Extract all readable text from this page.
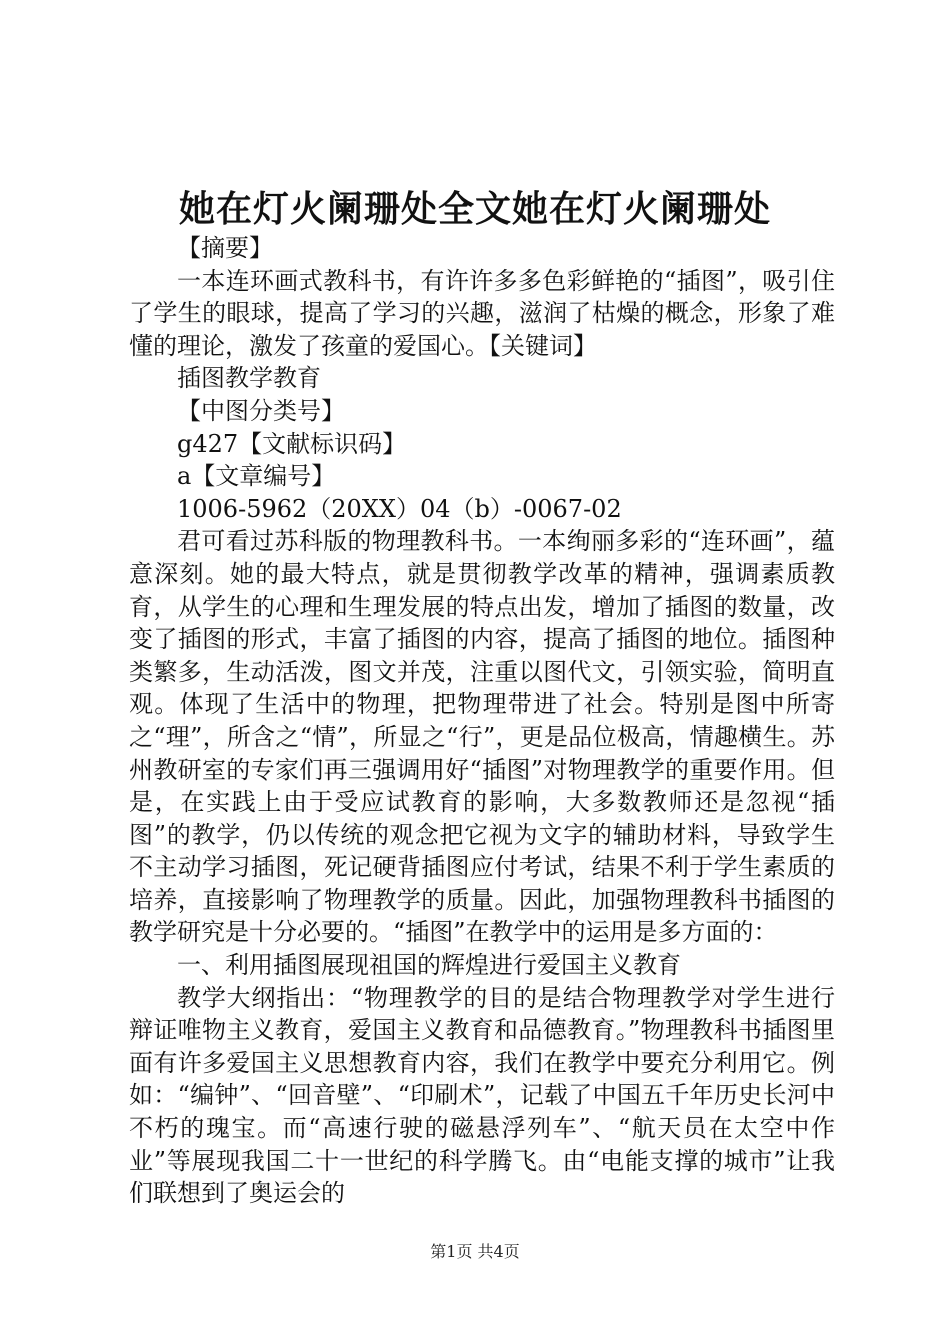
她在灯火阑珊处全文她在灯火阑珊处

【摘要】

一本连环画式教科书，有许许多多色彩鲜艳的“插图”，吸引住了学生的眼球，提高了学习的兴趣，滋润了枯燥的概念，形象了难懂的理论，激发了孩童的爱国心。【关键词】

插图教学教育

【中图分类号】

g427【文献标识码】

a【文章编号】

1006-5962（20XX）04（b）-0067-02

君可看过苏科版的物理教科书。一本绚丽多彩的“连环画”，蕴意深刻。她的最大特点，就是贯彻教学改革的精神，强调素质教育，从学生的心理和生理发展的特点出发，增加了插图的数量，改变了插图的形式，丰富了插图的内容，提高了插图的地位。插图种类繁多，生动活泼，图文并茂，注重以图代文，引领实验，简明直观。体现了生活中的物理，把物理带进了社会。特别是图中所寄之“理”，所含之“情”，所显之“行”，更是品位极高，情趣横生。苏州教研室的专家们再三强调用好“插图”对物理教学的重要作用。但是，在实践上由于受应试教育的影响，大多数教师还是忽视“插图”的教学，仍以传统的观念把它视为文字的辅助材料，导致学生不主动学习插图，死记硬背插图应付考试，结果不利于学生素质的培养，直接影响了物理教学的质量。因此，加强物理教科书插图的教学研究是十分必要的。“插图”在教学中的运用是多方面的：

一、利用插图展现祖国的辉煌进行爱国主义教育

教学大纲指出：“物理教学的目的是结合物理教学对学生进行辩证唯物主义教育，爱国主义教育和品德教育。”物理教科书插图里面有许多爱国主义思想教育内容，我们在教学中要充分利用它。例如：“编钟”、“回音壁”、“印刷术”，记载了中国五千年历史长河中不朽的瑰宝。而“高速行驶的磁悬浮列车”、“航天员在太空中作业”等展现我国二十一世纪的科学腾飞。由“电能支撑的城市”让我们联想到了奥运会的

第1页 共4页
